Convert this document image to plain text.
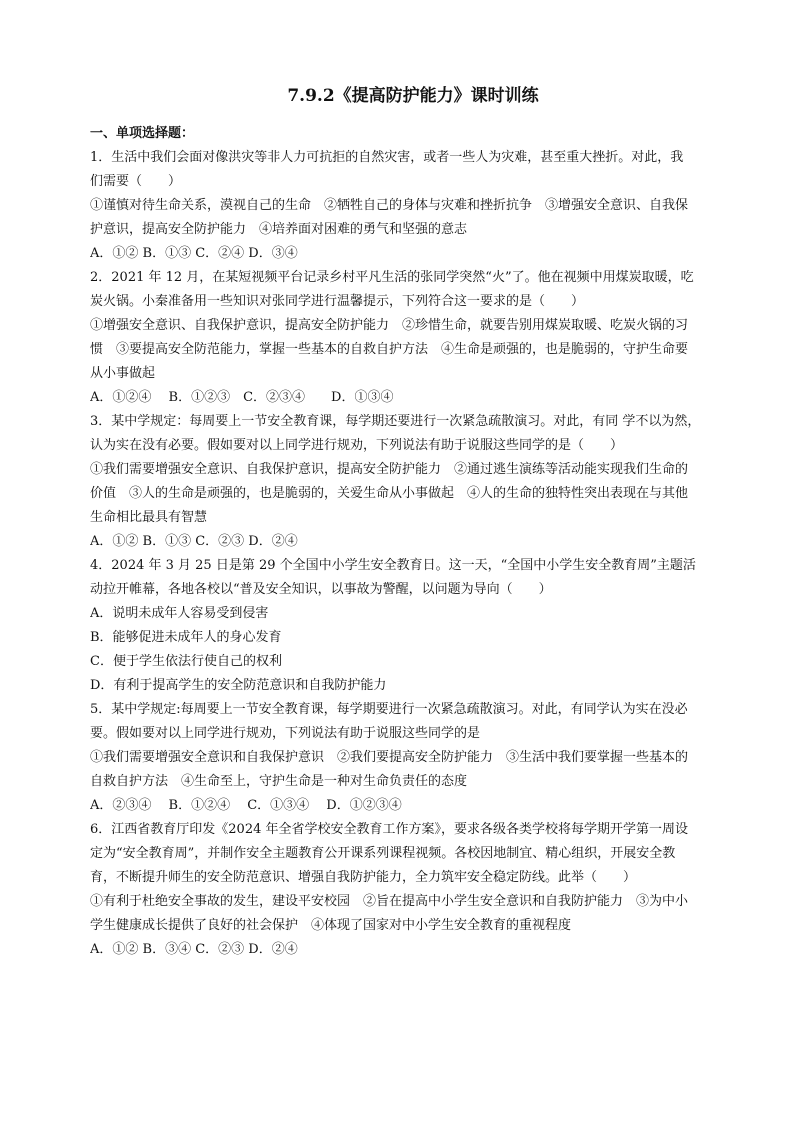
7.9.2《提高防护能力》课时训练
一、单项选择题：
1．生活中我们会面对像洪灾等非人力可抗拒的自然灾害，或者一些人为灾难，甚至重大挫折。对此，我
们需要（　　）
①谨慎对待生命关系，漠视自己的生命　②牺牲自己的身体与灾难和挫折抗争　③增强安全意识、自我保
护意识，提高安全防护能力　④培养面对困难的勇气和坚强的意志
A．①② B．①③ C．②④ D．③④
2．2021 年 12 月，在某短视频平台记录乡村平凡生活的张同学突然“火”了。他在视频中用煤炭取暖，吃
炭火锅。小秦准备用一些知识对张同学进行温馨提示，下列符合这一要求的是（　　）
①增强安全意识、自我保护意识，提高安全防护能力　②珍惜生命，就要告别用煤炭取暖、吃炭火锅的习
惯　③要提高安全防范能力，掌握一些基本的自救自护方法　④生命是顽强的，也是脆弱的，守护生命要
从小事做起
A．①②④　 B．①②③　C．②③④　　D．①③④
3．某中学规定：每周要上一节安全教育课，每学期还要进行一次紧急疏散演习。对此，有同 学不以为然，
认为实在没有必要。假如要对以上同学进行规劝，下列说法有助于说服这些同学的是（　　）
①我们需要增强安全意识、自我保护意识，提高安全防护能力　②通过逃生演练等活动能实现我们生命的
价值　③人的生命是顽强的，也是脆弱的，关爱生命从小事做起　④人的生命的独特性突出表现在与其他
生命相比最具有智慧
A．①② B．①③ C．②③ D．②④
4．2024 年 3 月 25 日是第 29 个全国中小学生安全教育日。这一天，“全国中小学生安全教育周”主题活
动拉开帷幕，各地各校以“普及安全知识，以事故为警醒，以问题为导向（　　）
A．说明未成年人容易受到侵害
B．能够促进未成年人的身心发育
C．便于学生依法行使自己的权利
D．有利于提高学生的安全防范意识和自我防护能力
5．某中学规定:每周要上一节安全教育课，每学期要进行一次紧急疏散演习。对此，有同学认为实在没必
要。假如要对以上同学进行规劝，下列说法有助于说服这些同学的是
①我们需要增强安全意识和自我保护意识　②我们要提高安全防护能力　③生活中我们要掌握一些基本的
自救自护方法　④生命至上，守护生命是一种对生命负责任的态度
A．②③④　 B．①②④　 C．①③④　 D．①②③④
6．江西省教育厅印发《2024 年全省学校安全教育工作方案》，要求各级各类学校将每学期开学第一周设
定为“安全教育周”，并制作安全主题教育公开课系列课程视频。各校因地制宜、精心组织，开展安全教
育，不断提升师生的安全防范意识、增强自我防护能力，全力筑牢安全稳定防线。此举（　　）
①有利于杜绝安全事故的发生，建设平安校园　②旨在提高中小学生安全意识和自我防护能力　③为中小
学生健康成长提供了良好的社会保护　④体现了国家对中小学生安全教育的重视程度
A．①② B．③④ C．②③ D．②④
